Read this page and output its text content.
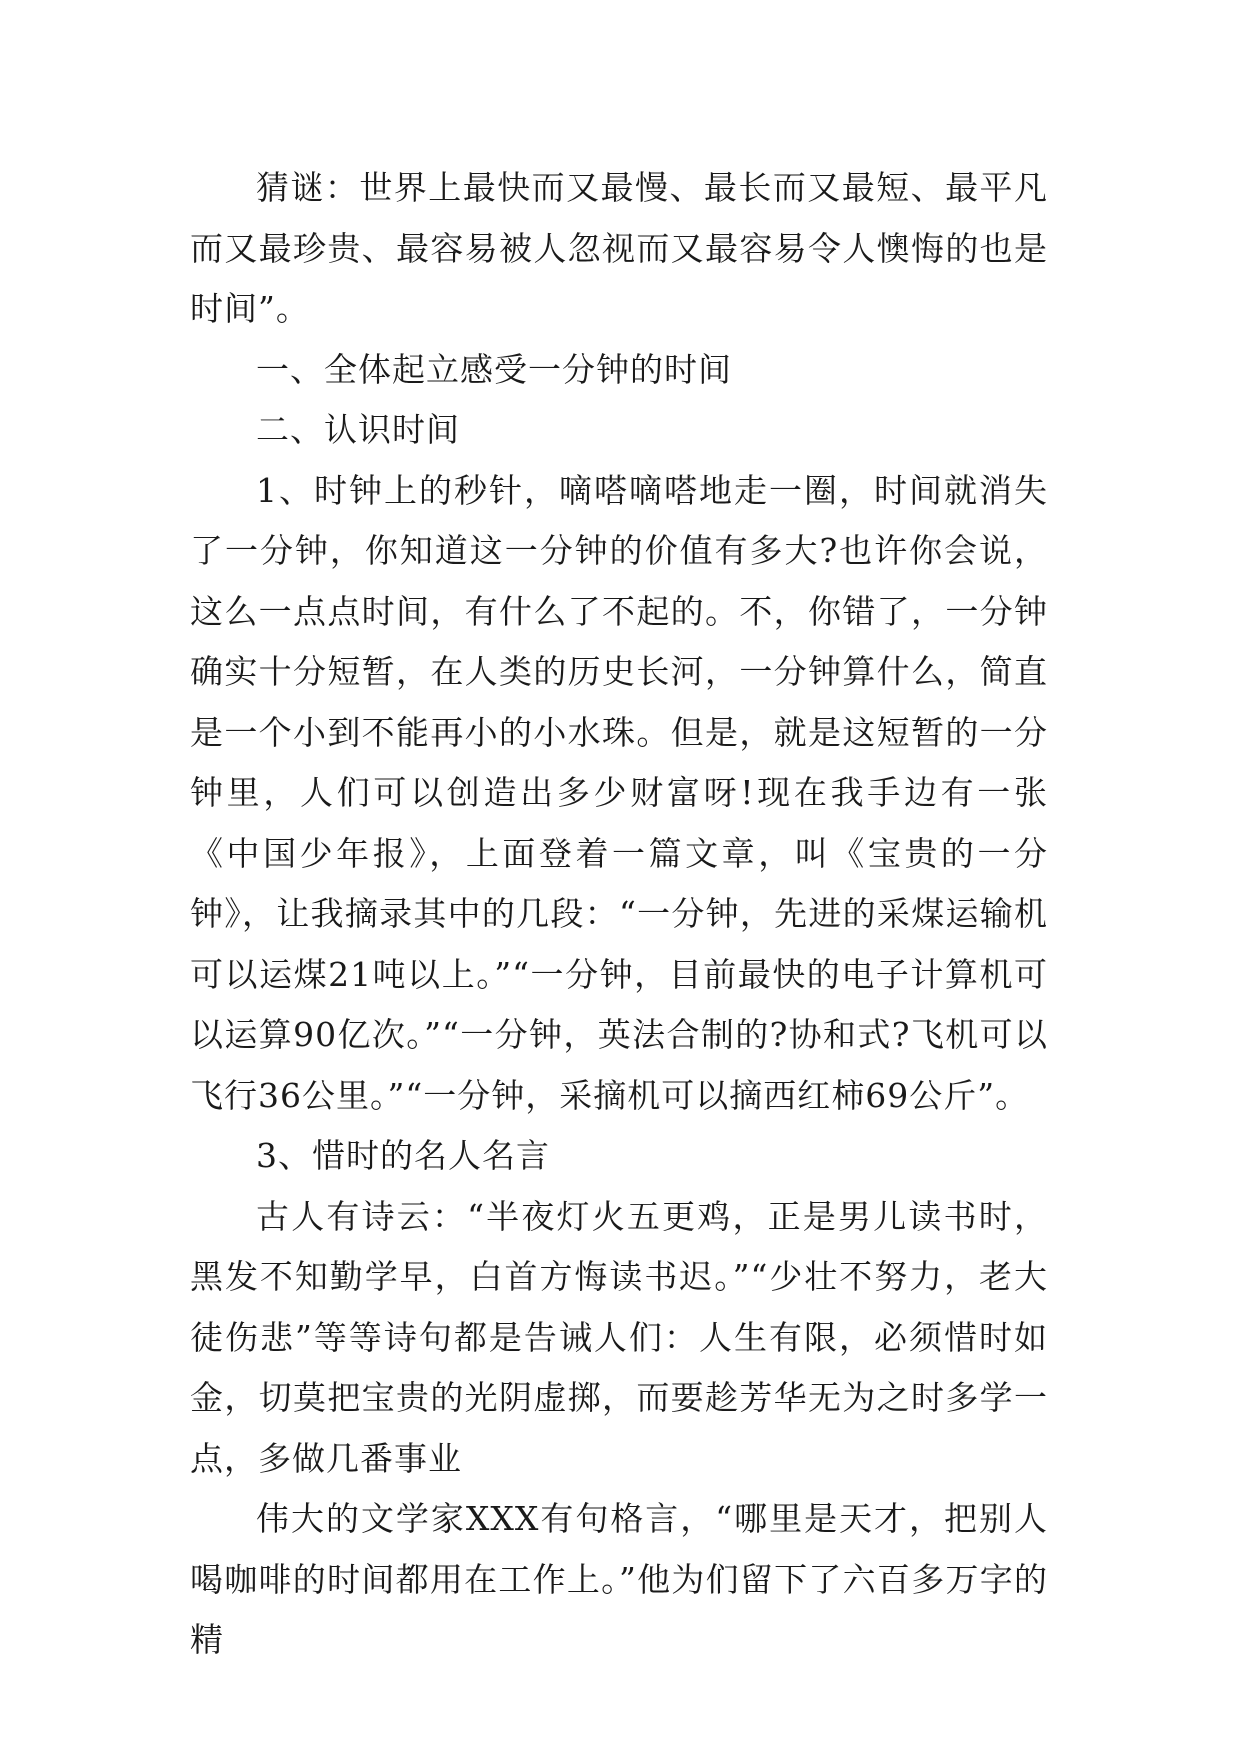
猜谜：世界上最快而又最慢、最长而又最短、最平凡而又最珍贵、最容易被人忽视而又最容易令人懊悔的也是时间”。

一、全体起立感受一分钟的时间

二、认识时间

1、时钟上的秒针，嘀嗒嘀嗒地走一圈，时间就消失了一分钟，你知道这一分钟的价值有多大?也许你会说，这么一点点时间，有什么了不起的。不，你错了，一分钟确实十分短暂，在人类的历史长河，一分钟算什么，简直是一个小到不能再小的小水珠。但是，就是这短暂的一分钟里，人们可以创造出多少财富呀!现在我手边有一张《中国少年报》，上面登着一篇文章，叫《宝贵的一分钟》，让我摘录其中的几段：“一分钟，先进的采煤运输机可以运煤21吨以上。”“一分钟，目前最快的电子计算机可以运算90亿次。”“一分钟，英法合制的?协和式?飞机可以飞行36公里。”“一分钟，采摘机可以摘西红柿69公斤”。

3、惜时的名人名言

古人有诗云：“半夜灯火五更鸡，正是男儿读书时，黑发不知勤学早，白首方悔读书迟。”“少壮不努力，老大徒伤悲”等等诗句都是告诫人们：人生有限，必须惜时如金，切莫把宝贵的光阴虚掷，而要趁芳华无为之时多学一点，多做几番事业

伟大的文学家XXX有句格言，“哪里是天才，把别人喝咖啡的时间都用在工作上。”他为们留下了六百多万字的精
